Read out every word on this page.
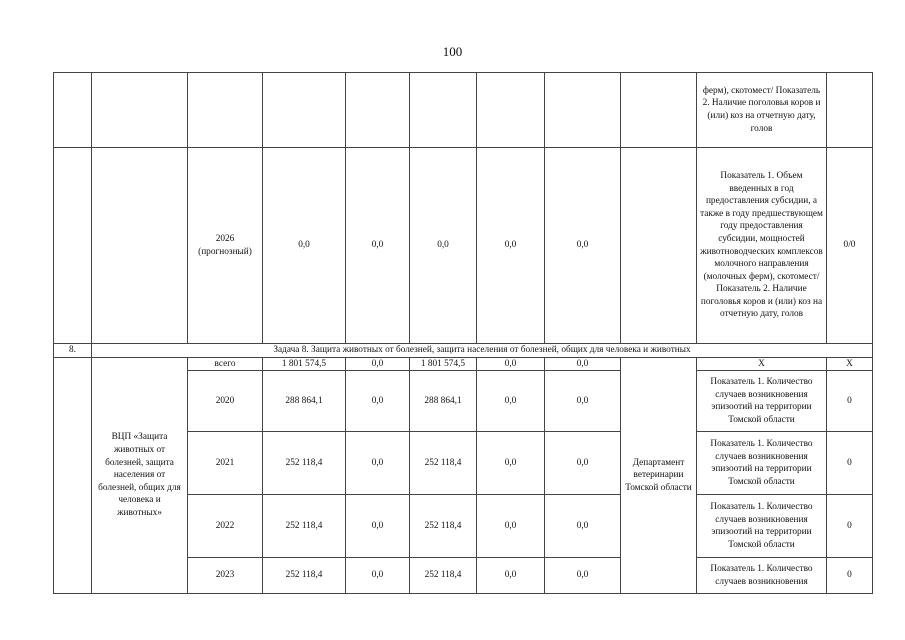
100
									ферм), скотомест/ Показатель 2. Наличие поголовья коров и (или) коз на отчетную дату, голов	
		2026 (прогнозный)	0,0	0,0	0,0	0,0	0,0		Показатель 1. Объем введенных в год предоставления субсидии, а также в году предшествующем году предоставления субсидии, мощностей животноводческих комплексов молочного направления (молочных ферм), скотомест/ Показатель 2. Наличие поголовья коров и (или) коз на отчетную дату, голов	0/0
8.	Задача 8. Защита животных от болезней, защита населения от болезней, общих для человека и животных									
	ВЦП «Защита животных от болезней, защита населения от болезней, общих для человека и животных»	всего	1 801 574,5	0,0	1 801 574,5	0,0	0,0	Департамент ветеринарии Томской области	Х	Х
		2020	288 864,1	0,0	288 864,1	0,0	0,0		Показатель 1. Количество случаев возникновения эпизоотий на территории Томской области	0
		2021	252 118,4	0,0	252 118,4	0,0	0,0		Показатель 1. Количество случаев возникновения эпизоотий на территории Томской области	0
		2022	252 118,4	0,0	252 118,4	0,0	0,0		Показатель 1. Количество случаев возникновения эпизоотий на территории Томской области	0
		2023	252 118,4	0,0	252 118,4	0,0	0,0		Показатель 1. Количество случаев возникновения	0
